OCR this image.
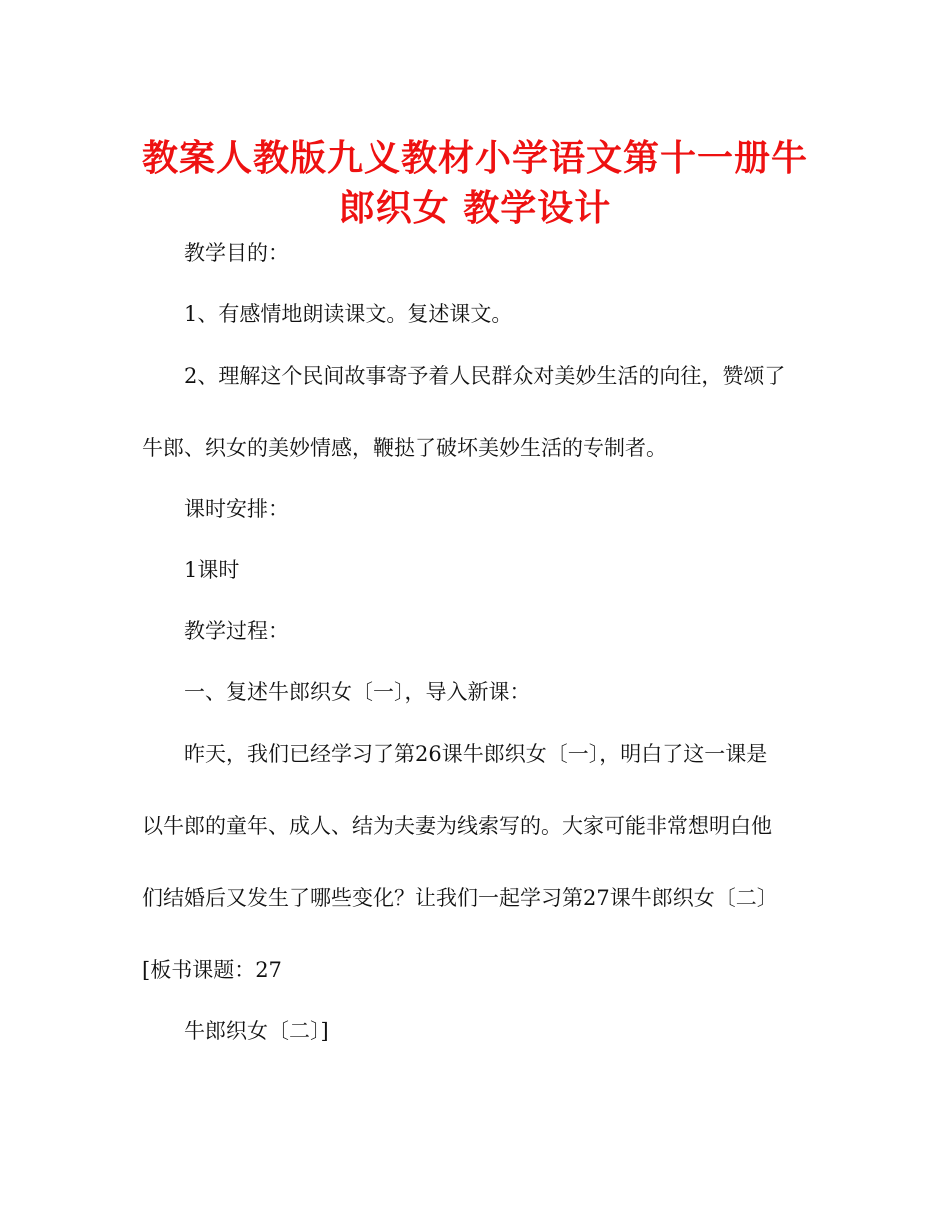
教案人教版九义教材小学语文第十一册牛
郎织女 教学设计

教学目的：

1、有感情地朗读课文。复述课文。

2、理解这个民间故事寄予着人民群众对美妙生活的向往，赞颂了

牛郎、织女的美妙情感，鞭挞了破坏美妙生活的专制者。

课时安排：

1课时

教学过程：

一、复述牛郎织女〔一〕，导入新课：

昨天，我们已经学习了第26课牛郎织女〔一〕，明白了这一课是

以牛郎的童年、成人、结为夫妻为线索写的。大家可能非常想明白他

们结婚后又发生了哪些变化？让我们一起学习第27课牛郎织女〔二〕

[板书课题：27

牛郎织女〔二〕]
